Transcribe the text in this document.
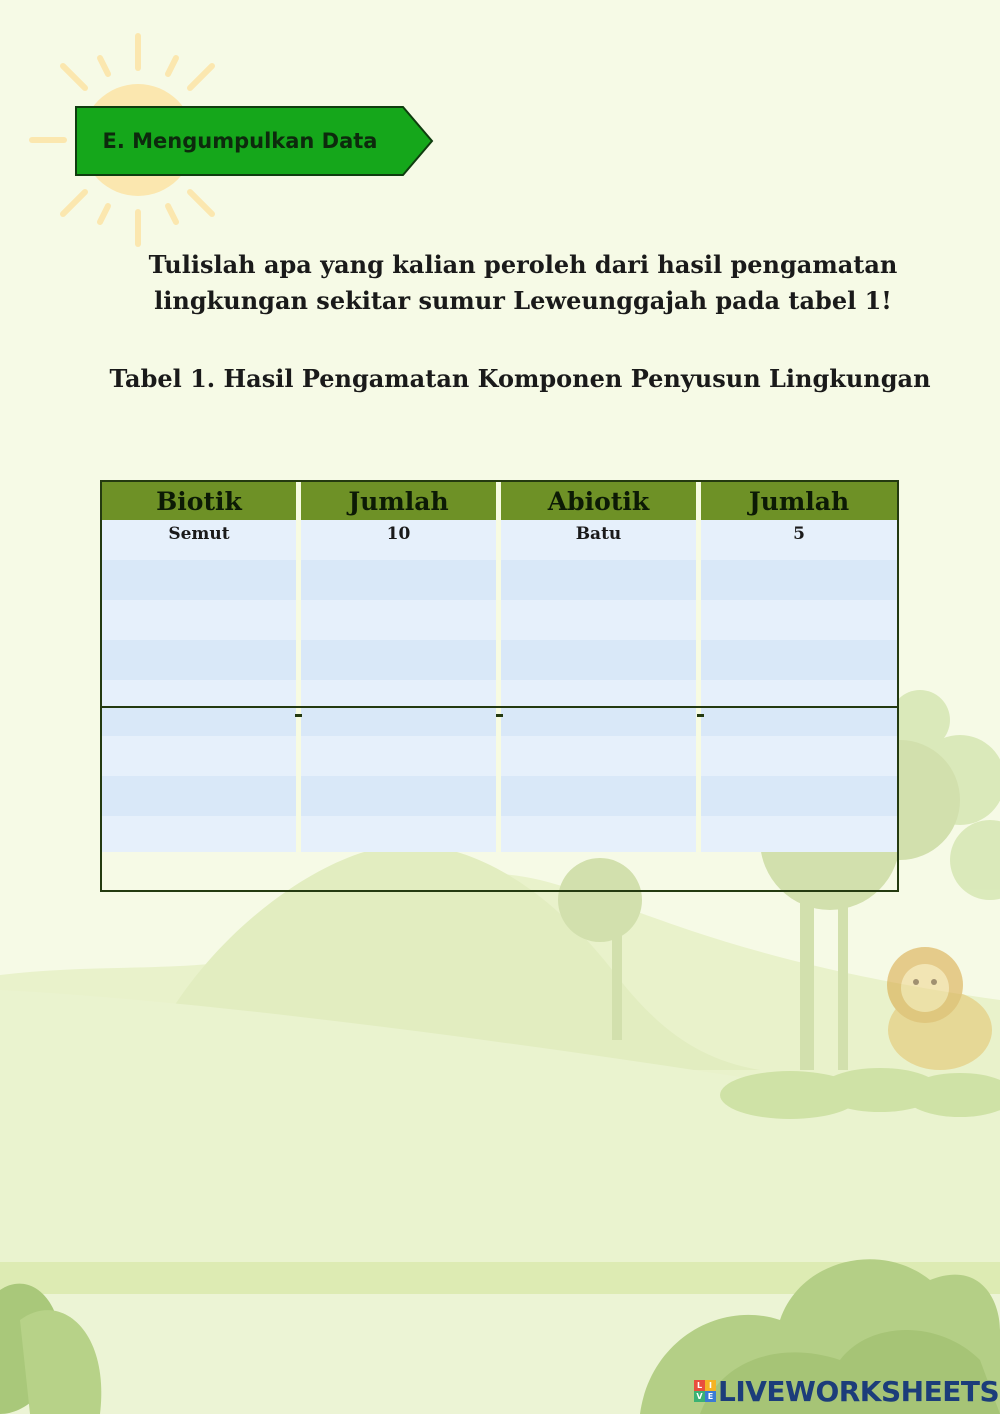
E. Mengumpulkan Data
Tulislah apa yang kalian peroleh dari hasil pengamatan
lingkungan sekitar sumur Leweunggajah pada tabel 1!
Tabel 1. Hasil Pengamatan Komponen Penyusun Lingkungan
Biotik	Jumlah	Abiotik	Jumlah
Semut	10	Batu	5

L I
V E LIVEWORKSHEETS
